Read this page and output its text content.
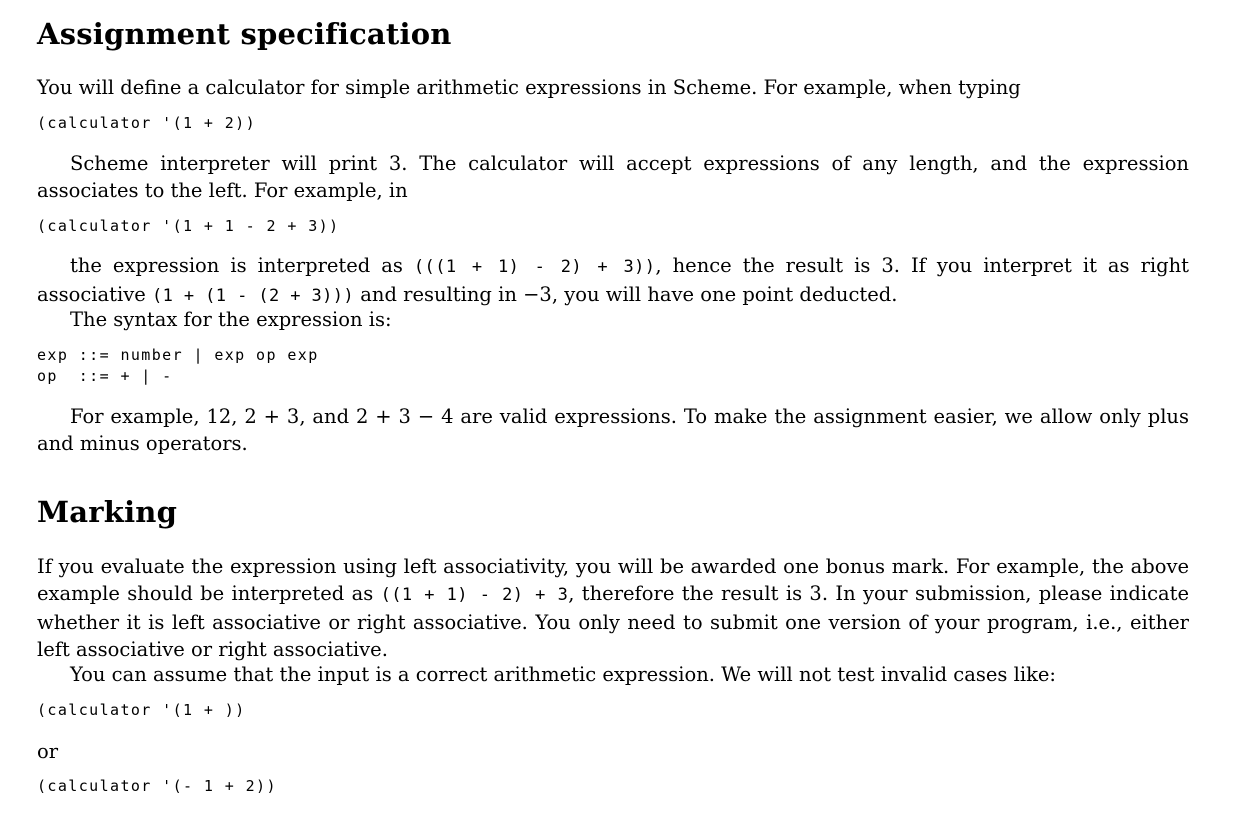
Assignment specification

You will define a calculator for simple arithmetic expressions in Scheme. For example, when typing

(calculator '(1 + 2))

Scheme interpreter will print 3. The calculator will accept expressions of any length, and the expression associates to the left. For example, in

(calculator '(1 + 1 - 2 + 3))

the expression is interpreted as (((1 + 1) - 2) + 3)), hence the result is 3. If you interpret it as right associative (1 + (1 - (2 + 3))) and resulting in −3, you will have one point deducted.

The syntax for the expression is:

exp ::= number | exp op exp
op  ::= + | -

For example, 12, 2 + 3, and 2 + 3 − 4 are valid expressions. To make the assignment easier, we allow only plus and minus operators.

Marking

If you evaluate the expression using left associativity, you will be awarded one bonus mark. For example, the above example should be interpreted as ((1 + 1) - 2) + 3, therefore the result is 3. In your submission, please indicate whether it is left associative or right associative. You only need to submit one version of your program, i.e., either left associative or right associative.

You can assume that the input is a correct arithmetic expression. We will not test invalid cases like:

(calculator '(1 + ))

or

(calculator '(- 1 + 2))
